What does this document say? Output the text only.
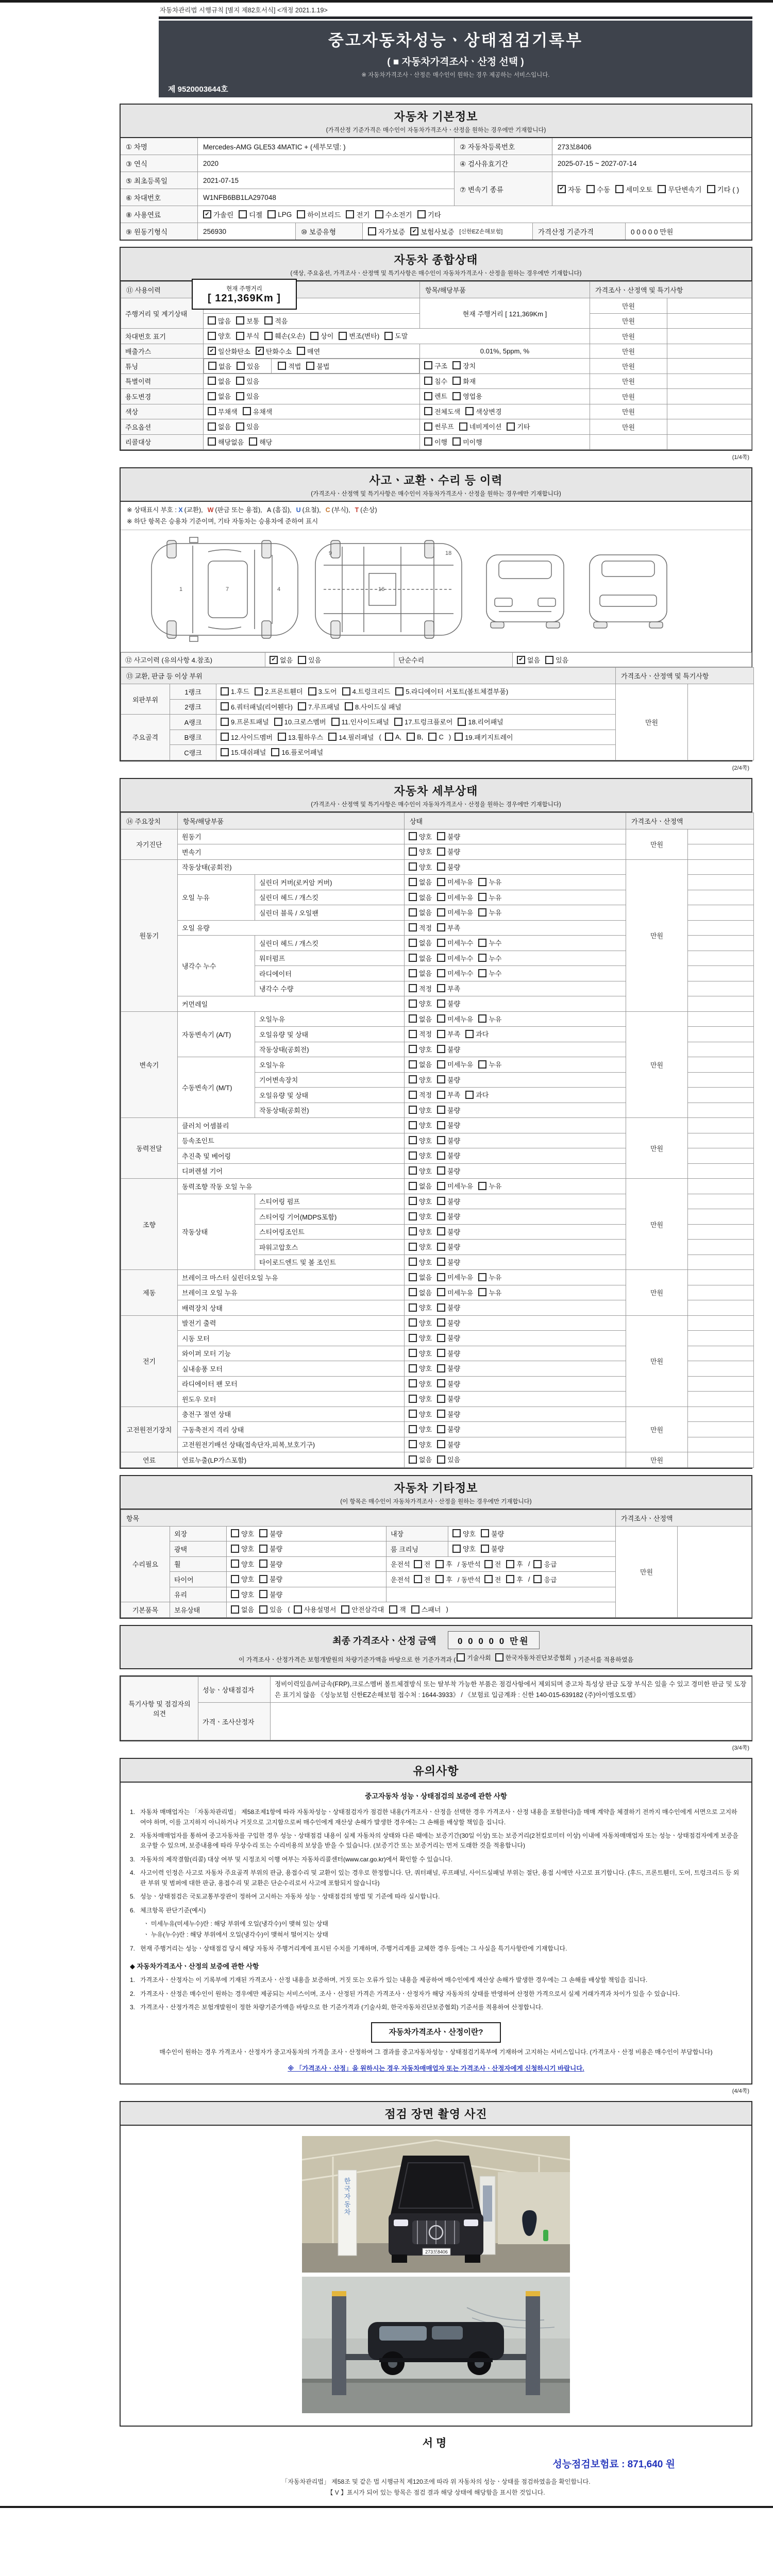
자동차관리법 시행규칙 [별지 제82호서식] <개정 2021.1.19>
중고자동차성능ㆍ상태점검기록부
( ■ 자동차가격조사ㆍ산정 선택 )
※ 자동차가격조사ㆍ산정은 매수인이 원하는 경우 제공하는 서비스입니다.
제 9520003644호
자동차 기본정보
(가격산정 기준가격은 매수인이 자동차가격조사ㆍ산정을 원하는 경우에만 기재합니다)
① 차명	Mercedes-AMG GLE53 4MATIC + (세부모델: )	② 자동차등록번호	273보8406
③ 연식	2020	④ 검사유효기간	2025-07-15 ~ 2027-07-14
⑤ 최초등록일	2021-07-15
⑥ 차대번호	W1NFB6BB1LA297048
⑦ 변속기 종류	✔ 자동 수동 세미오토 무단변속기 기타 ( )
⑧ 사용연료	✔ 가솔린 디젤 LPG 하이브리드 전기 수소전기 기타
⑨ 원동기형식	256930	⑩ 보증유형	자가보증	✔ 보험사보증 [신한EZ손해보험]	가격산정 기준가격	0 0 0 0 0 만원
자동차 종합상태
(색상, 주요옵션, 가격조사ㆍ산정액 및 특기사항은 매수인이 자동차가격조사ㆍ산정을 원하는 경우에만 기재합니다)
⑪ 사용이력		항목/해당부품	가격조사ㆍ산정액 및 특기사항	
주행거리 및 계기상태		현재 주행거리 [ 121,369Km ]	만원	

	많음 보통 적음		만원	
차대번호 표기	양호 부식 훼손(오손) 상이 변조(변타) 도말	만원	
배출가스	✔ 일산화탄소 ✔ 탄화수소 매연	0.01%, 5ppm, %	만원	
튜닝		없음 있음	적법 불법	구조 장치	만원	
특별이력	없음 있음	침수 화재	만원	
용도변경	없음 있음	렌트 영업용	만원	
색상	무채색 유채색	전체도색 색상변경	만원	
주요옵션	없음 있음	썬루프 네비게이션 기타	만원	
리콜대상	해당없음 해당	이행 미이행		

현재 주행거리
[ 121,369Km ]
(1/4쪽)
사고ㆍ교환ㆍ수리 등 이력
(가격조사ㆍ산정액 및 특기사항은 매수인이 자동차가격조사ㆍ산정을 원하는 경우에만 기재합니다)
※ 상태표시 부호 : X (교환), W (판금 또는 용접), A (흠집), U (요철), C (부식), T (손상)
※ 하단 항목은 승용차 기준이며, 기타 자동차는 승용차에 준하여 표시
1	7	4
9
16
18
⑫ 사고이력 (유의사항 4.참조)	✔ 없음 있음	단순수리	✔ 없음 있음
⑬ 교환, 판금 등 이상 부위			가격조사ㆍ산정액 및 특기사항	
외판부위	1랭크	1.후드 2.프론트휀더 3.도어 4.트렁크리드 5.라디에이터 서포트(볼트체결부품)	만원	
	2랭크	6.쿼터패널(리어휀다) 7.루프패널 8.사이드실 패널		

주요골격	A랭크	9.프론트패널 10.크로스멤버 11.인사이드패널 17.트렁크플로어 18.리어패널		

B랭크	12.사이드멤버 13.휠하우스 14.필러패널 ( A, B, C ) 19.패키지트레이

	C랭크	15.대쉬패널 16.플로어패널		
(2/4쪽)
자동차 세부상태
(가격조사ㆍ산정액 및 특기사항은 매수인이 자동차가격조사ㆍ산정을 원하는 경우에만 기재합니다)
⑭ 주요장치	항목/해당부품		상태	가격조사ㆍ산정액	
자기진단	원동기		양호 불량	만원	
	변속기		양호 불량		

원동기	작동상태(공회전)		양호 불량	만원	
	오일 누유	실린더 커버(로커암 커버)	없음 미세누유 누유		

		실린더 헤드 / 개스킷	없음 미세누유 누유		

		실린더 블록 / 오일팬	없음 미세누유 누유		

	오일 유량		적정 부족		

	냉각수 누수	실린더 헤드 / 개스킷	없음 미세누수 누수		

		워터펌프	없음 미세누수 누수		

		라디에이터	없음 미세누수 누수		

		냉각수 수량	적정 부족		

	커먼레일		양호 불량		

변속기	자동변속기 (A/T)	오일누유	없음 미세누유 누유	만원	
		오일유량 및 상태	적정 부족 과다		

		작동상태(공회전)	양호 불량		

	수동변속기 (M/T)	오일누유	없음 미세누유 누유		

		기어변속장치	양호 불량		

		오일유량 및 상태	적정 부족 과다		

		작동상태(공회전)	양호 불량		

동력전달	클러치 어셈블리		양호 불량	만원	
	등속조인트		양호 불량		

	추진축 및 베어링		양호 불량		

	디퍼렌셜 기어		양호 불량		

조향	동력조향 작동 오일 누유		없음 미세누유 누유	만원	
	작동상태	스티어링 펌프	양호 불량		

		스티어링 기어(MDPS포함)	양호 불량		

		스티어링조인트	양호 불량		

		파워고압호스	양호 불량		

		타이로드엔드 및 볼 조인트	양호 불량		

제동	브레이크 마스터 실린더오일 누유		없음 미세누유 누유	만원	
	브레이크 오일 누유		없음 미세누유 누유		

	배력장치 상태		양호 불량		

전기	발전기 출력		양호 불량	만원	
	시동 모터		양호 불량		

	와이퍼 모터 기능		양호 불량		

	실내송풍 모터		양호 불량		

	라디에이터 팬 모터		양호 불량		

	윈도우 모터		양호 불량		

고전원전기장치	충전구 절연 상태		양호 불량	만원	
	구동축전지 격리 상태		양호 불량		

	고전원전기배선 상태(접속단자,피복,보호기구)		양호 불량		

연료	연료누출(LP가스포함)		없음 있음	만원	
자동차 기타정보
(이 항목은 매수인이 자동차가격조사ㆍ산정을 원하는 경우에만 기재합니다)
항목					가격조사ㆍ산정액	
수리필요	외장	양호 불량	내장	양호 불량	만원	
	광택	양호 불량	룸 크리닝	양호 불량		

휠	양호 불량	운전석 전 후 / 동반석 전 후 / 응급

타이어	양호 불량	운전석 전 후 / 동반석 전 후 / 응급

	유리	양호 불량				

기본품목	보유상태	없음 있음 ( 사용설명서 안전삼각대 잭 스패너 )
최종 가격조사ㆍ산정 금액 0 0 0 0 0 만원
이 가격조사ㆍ산정가격은 보험개발원의 차량기준가액을 바탕으로 한 기준가격과 ( 기술사회 한국자동차진단보증협회 ) 기준서를 적용하였음
특기사항 및 점검자의 의견	성능ㆍ상태점검자	정비이력있음/비금속(FRP),크로스멤버 볼트체결방식 또는 탈부착 가능한 부품은 점검사항에서 제외되며 중고차 특성상 판금 도장 부식은 있을 수 있고 경미한 판금 및 도장은 표기치 않음 《성능보험 신한EZ손해보험 접수처 : 1644-3933》 / 《보험료 입금계좌 : 신한 140-015-639182 (주)아이엠오토랩》
	가격ㆍ조사산정자	
(3/4쪽)
유의사항
중고자동차 성능ㆍ상태점검의 보증에 관한 사항
1. 자동차 매매업자는 「자동차관리법」 제58조제1항에 따라 자동차성능ㆍ상태점검자가 점검한 내용(가격조사ㆍ산정을 선택한 경우 가격조사ㆍ산정 내용을 포함한다)을 매매 계약을 체결하기 전까지 매수인에게 서면으로 고지하여야 하며, 이를 고지하지 아니하거나 거짓으로 고지함으로써 매수인에게 재산상 손해가 발생한 경우에는 그 손해를 배상할 책임을 집니다.
2. 자동차매매업자를 통하여 중고자동차를 구입한 경우 성능ㆍ상태점검 내용이 실제 자동차의 상태와 다른 때에는 보증기간(30일 이상) 또는 보증거리(2천킬로미터 이상) 이내에 자동차매매업자 또는 성능ㆍ상태점검자에게 보증을 요구할 수 있으며, 보증내용에 따라 무상수리 또는 수리비용의 보상을 받을 수 있습니다. (보증기간 또는 보증거리는 먼저 도래한 것을 적용합니다)
3. 자동차의 제작결함(리콜) 대상 여부 및 시정조치 이행 여부는 자동차리콜센터(www.car.go.kr)에서 확인할 수 있습니다.
4. 사고이력 인정은 사고로 자동차 주요골격 부위의 판금, 용접수리 및 교환이 있는 경우로 한정합니다. 단, 쿼터패널, 루프패널, 사이드실패널 부위는 절단, 용접 시에만 사고로 표기합니다. (후드, 프론트휀더, 도어, 트렁크리드 등 외판 부위 및 범퍼에 대한 판금, 용접수리 및 교환은 단순수리로서 사고에 포함되지 않습니다)
5. 성능ㆍ상태점검은 국토교통부장관이 정하여 고시하는 자동차 성능ㆍ상태점검의 방법 및 기준에 따라 실시합니다.
6. 체크항목 판단기준(예시)
ㆍ 미세누유(미세누수)란 : 해당 부위에 오일(냉각수)이 맺혀 있는 상태
ㆍ 누유(누수)란 : 해당 부위에서 오일(냉각수)이 맺혀서 떨어지는 상태
7. 현재 주행거리는 성능ㆍ상태점검 당시 해당 자동차 주행거리계에 표시된 수치를 기재하며, 주행거리계를 교체한 경우 등에는 그 사실을 특기사항란에 기재합니다.
◆ 자동차가격조사ㆍ산정의 보증에 관한 사항
1. 가격조사ㆍ산정자는 이 기록부에 기재된 가격조사ㆍ산정 내용을 보증하며, 거짓 또는 오류가 있는 내용을 제공하여 매수인에게 재산상 손해가 발생한 경우에는 그 손해를 배상할 책임을 집니다.
2. 가격조사ㆍ산정은 매수인이 원하는 경우에만 제공되는 서비스이며, 조사ㆍ산정된 가격은 가격조사ㆍ산정자가 해당 자동차의 상태를 반영하여 산정한 가격으로서 실제 거래가격과 차이가 있을 수 있습니다.
3. 가격조사ㆍ산정가격은 보험개발원이 정한 차량기준가액을 바탕으로 한 기준가격과 (기술사회, 한국자동차진단보증협회) 기준서를 적용하여 산정합니다.
자동차가격조사ㆍ산정이란?
매수인이 원하는 경우 가격조사ㆍ산정자가 중고자동차의 가격을 조사ㆍ산정하여 그 결과를 중고자동차성능ㆍ상태점검기록부에 기재하여 고지하는 서비스입니다. (가격조사ㆍ산정 비용은 매수인이 부담합니다)
※ 「가격조사ㆍ산정」을 원하시는 경우 자동차매매업자 또는 가격조사ㆍ산정자에게 신청하시기 바랍니다.
(4/4쪽)
점검 장면 촬영 사진
한 국 자 동 차
273보8406
서명
성능점검보험료 : 871,640 원
「자동차관리법」 제58조 및 같은 법 시행규칙 제120조에 따라 위 자동차의 성능ㆍ상태를 점검하였음을 확인합니다.
【 V 】표시가 되어 있는 항목은 점검 결과 해당 상태에 해당함을 표시한 것입니다.
